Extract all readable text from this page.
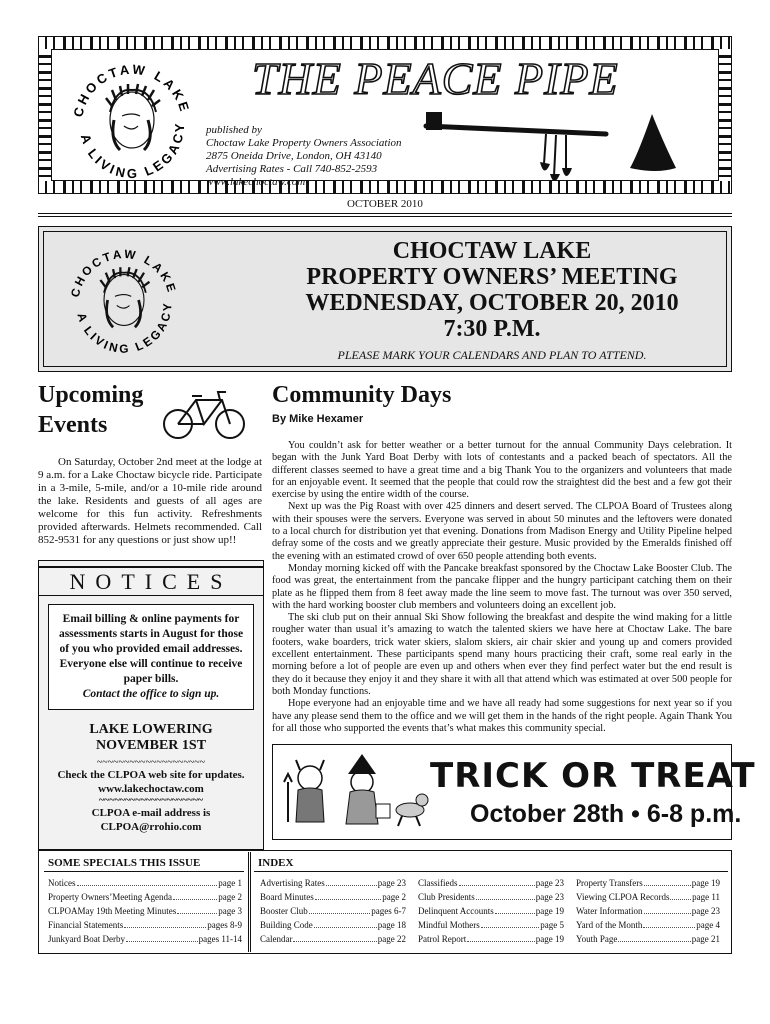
CHOCTAW LAKE
A LIVING LEGACY
THE PEACE PIPE
published by
Choctaw Lake Property Owners Association
2875 Oneida Drive, London, OH 43140
Advertising Rates - Call 740-852-2593
www.lakechoctaw.com
OCTOBER 2010
CHOCTAW LAKE
A LIVING LEGACY
CHOCTAW LAKE
PROPERTY OWNERS’ MEETING
WEDNESDAY, OCTOBER 20, 2010
7:30 P.M.
PLEASE MARK YOUR CALENDARS AND PLAN TO ATTEND.
Upcoming Events
On Saturday, October 2nd meet at the lodge at 9 a.m. for a Lake Choctaw bicycle ride. Participate in a 3-mile, 5-mile, and/or a 10-mile ride around the lake. Residents and guests of all ages are welcome for this fun activity. Refreshments provided afterwards. Helmets recommended. Call 852-9531 for any questions or just show up!!
NOTICES
Email billing & online payments for assessments starts in August for those of you who provided email addresses. Everyone else will continue to receive paper bills.
Contact the office to sign up.
LAKE LOWERING
NOVEMBER 1ST
~~~~~~~~~~~~~~~~~~~~
Check the CLPOA web site for updates.
www.lakechoctaw.com
~~~~~~~~~~~~~~~~~~~~
CLPOA e-mail address is
CLPOA@rrohio.com
Community Days
By Mike Hexamer

You couldn’t ask for better weather or a better turnout for the annual Community Days celebration. It began with the Junk Yard Boat Derby with lots of contestants and a packed beach of spectators. All the different classes seemed to have a great time and a big Thank You to the organizers and volunteers that made for an enjoyable event. It seemed that the people that could row the straightest did the best and a few got their exercise by using the entire width of the course.

Next up was the Pig Roast with over 425 dinners and desert served. The CLPOA Board of Trustees along with their spouses were the servers. Everyone was served in about 50 minutes and the leftovers were donated to a local church for distribution yet that evening. Donations from Madison Energy and Utility Pipeline helped defray some of the costs and we greatly appreciate their gesture. Music provided by the Emeralds finished off the evening with an estimated crowd of over 650 people attending both events.

Monday morning kicked off with the Pancake breakfast sponsored by the Choctaw Lake Booster Club. The food was great, the entertainment from the pancake flipper and the hungry participant catching them on their plate as he flipped them from 8 feet away made the line seem to move fast. The turnout was over 350 served, with the hard working booster club members and volunteers doing an excellent job.

The ski club put on their annual Ski Show following the breakfast and despite the wind making for a little rougher water than usual it’s amazing to watch the talented skiers we have here at Choctaw Lake. The bare footers, wake boarders, trick water skiers, slalom skiers, air chair skier and young up and comers provided excellent entertainment. These participants spend many hours practicing their craft, some real early in the morning before a lot of people are even up and others when ever they find perfect water but the end result is they do it because they enjoy it and they share it with all that attend which was estimated at over 500 people for both Monday functions.

Hope everyone had an enjoyable time and we have all ready had some suggestions for next year so if you have any please send them to the office and we will get them in the hands of the right people. Again Thank You for all those who supported the events that’s what makes this community special.

TRICK OR TREAT
October 28th • 6-8 p.m.
SOME SPECIALS THIS ISSUE	INDEX
Notices	page 1
Property Owners’Meeting Agenda	page 2
CLPOAMay 19th Meeting Minutes	page 3
Financial Statements	pages 8-9
Junkyard Boat Derby	pages 11-14
Advertising Rates	page 23
Board Minutes	page 2
Booster Club	pages 6-7
Building Code	page 18
Calendar	page 22
Classifieds	page 23
Club Presidents	page 23
Delinquent Accounts	page 19
Mindful Mothers	page 5
Patrol Report	page 19
Property Transfers	page 19
Viewing CLPOA Records	page 11
Water Information	page 23
Yard of the Month	page 4
Youth Page	page 21
